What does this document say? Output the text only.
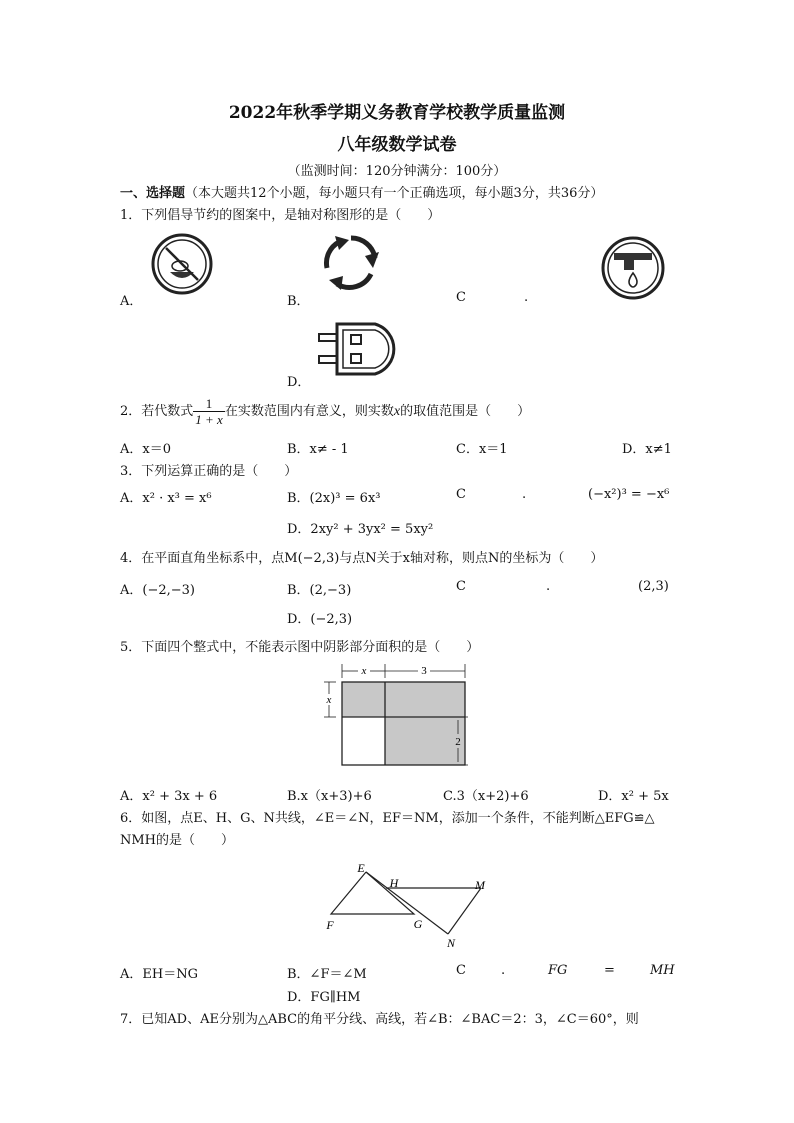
2022年秋季学期义务教育学校教学质量监测
八年级数学试卷
（监测时间：120分钟满分：100分）
一、选择题（本大题共12个小题，每小题只有一个正确选项，每小题3分，共36分）
1．下列倡导节约的图案中，是轴对称图形的是（　　）
A．	B．	C	.
D．
2．若代数式 $\frac{1}{1 + x}$ 在实数范围内有意义，则实数x的取值范围是（　　）
A．x＝0	B．x≠ - 1	C．x＝1	D．x≠1
3．下列运算正确的是（　　）
A．x² · x³ = x⁶	B．(2x)³ = 6x³	C	.	(−x²)³ = −x⁶
D．2xy² + 3yx² = 5xy²
4．在平面直角坐标系中，点M(−2,3)与点N关于x轴对称，则点N的坐标为（　　）
A．(−2,−3)	B．(2,−3)	C	.	(2,3)
D．(−2,3)
5．下面四个整式中，不能表示图中阴影部分面积的是（　　）
x	3
x
2
A．x² + 3x + 6	B.x（x+3)+6	C.3（x+2)+6	D．x² + 5x
6．如图，点E、H、G、N共线，∠E＝∠N，EF＝NM，添加一个条件，不能判断△EFG≌△
NMH的是（　　）
E
H	M
F	G
N
A．EH＝NG	B．∠F＝∠M	C	.	FG	=	MH
D．FG∥HM
7．已知AD、AE分别为△ABC的角平分线、高线，若∠B：∠BAC＝2：3，∠C＝60°，则
